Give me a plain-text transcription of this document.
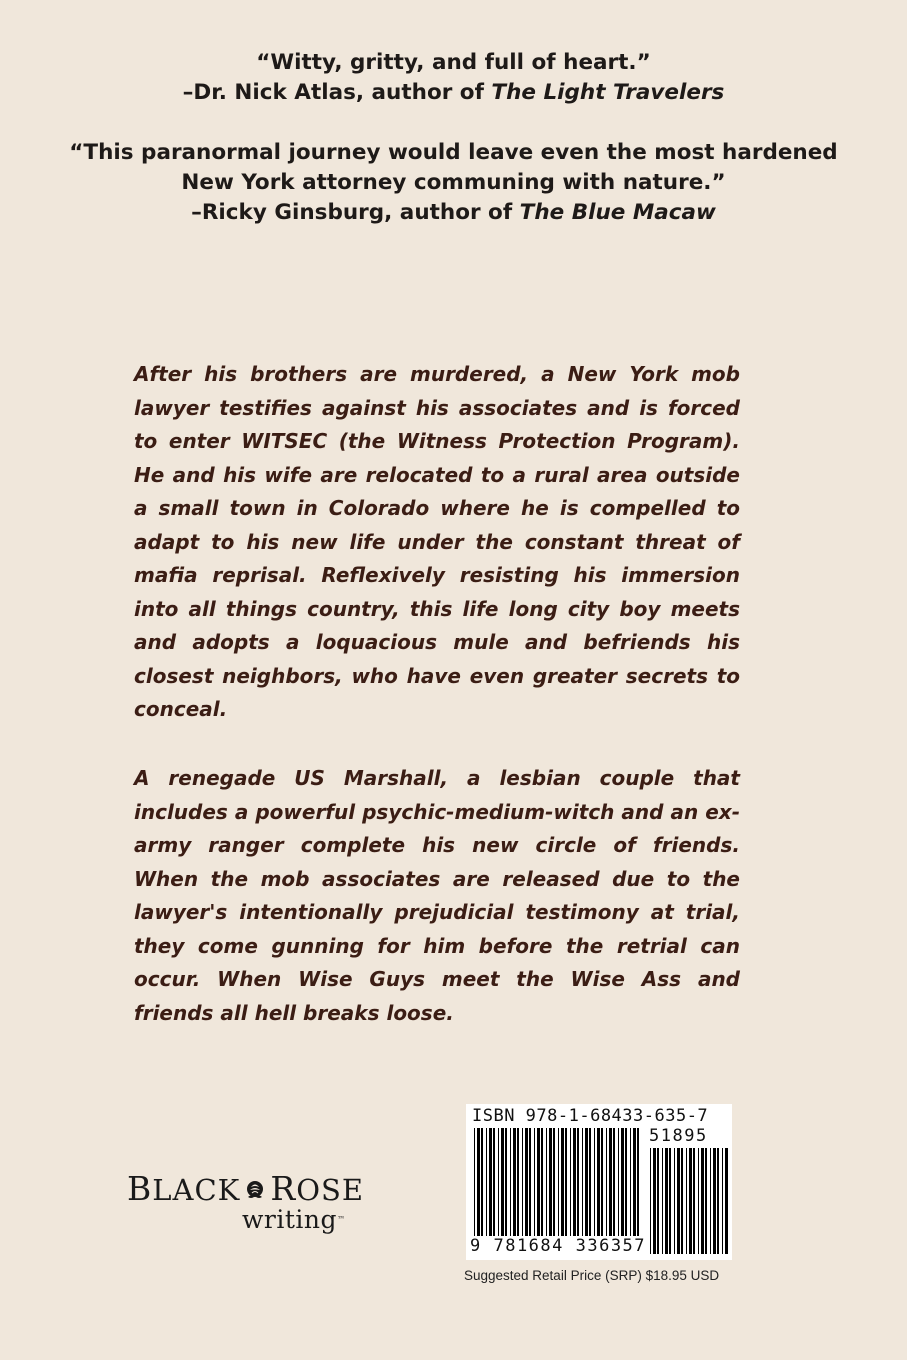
“Witty, gritty, and full of heart.”

–Dr. Nick Atlas, author of The Light Travelers

“This paranormal journey would leave even the most hardened

New York attorney communing with nature.”

–Ricky Ginsburg, author of The Blue Macaw

After his brothers are murdered, a New York mob lawyer testifies against his associates and is forced to enter WITSEC (the Witness Protection Program). He and his wife are relocated to a rural area outside a small town in Colorado where he is compelled to adapt to his new life under the constant threat of mafia reprisal. Reflexively resisting his immersion into all things country, this life long city boy meets and adopts a loquacious mule and befriends his closest neighbors, who have even greater secrets to conceal.

A renegade US Marshall, a lesbian couple that includes a powerful psychic-medium-witch and an ex-army ranger complete his new circle of friends. When the mob associates are released due to the lawyer's intentionally prejudicial testimony at trial, they come gunning for him before the retrial can occur. When Wise Guys meet the Wise Ass and friends all hell breaks loose.

BLACK ROSE
writing™
ISBN 978-1-68433-635-7
51895
9 781684 336357
Suggested Retail Price (SRP) $18.95 USD
